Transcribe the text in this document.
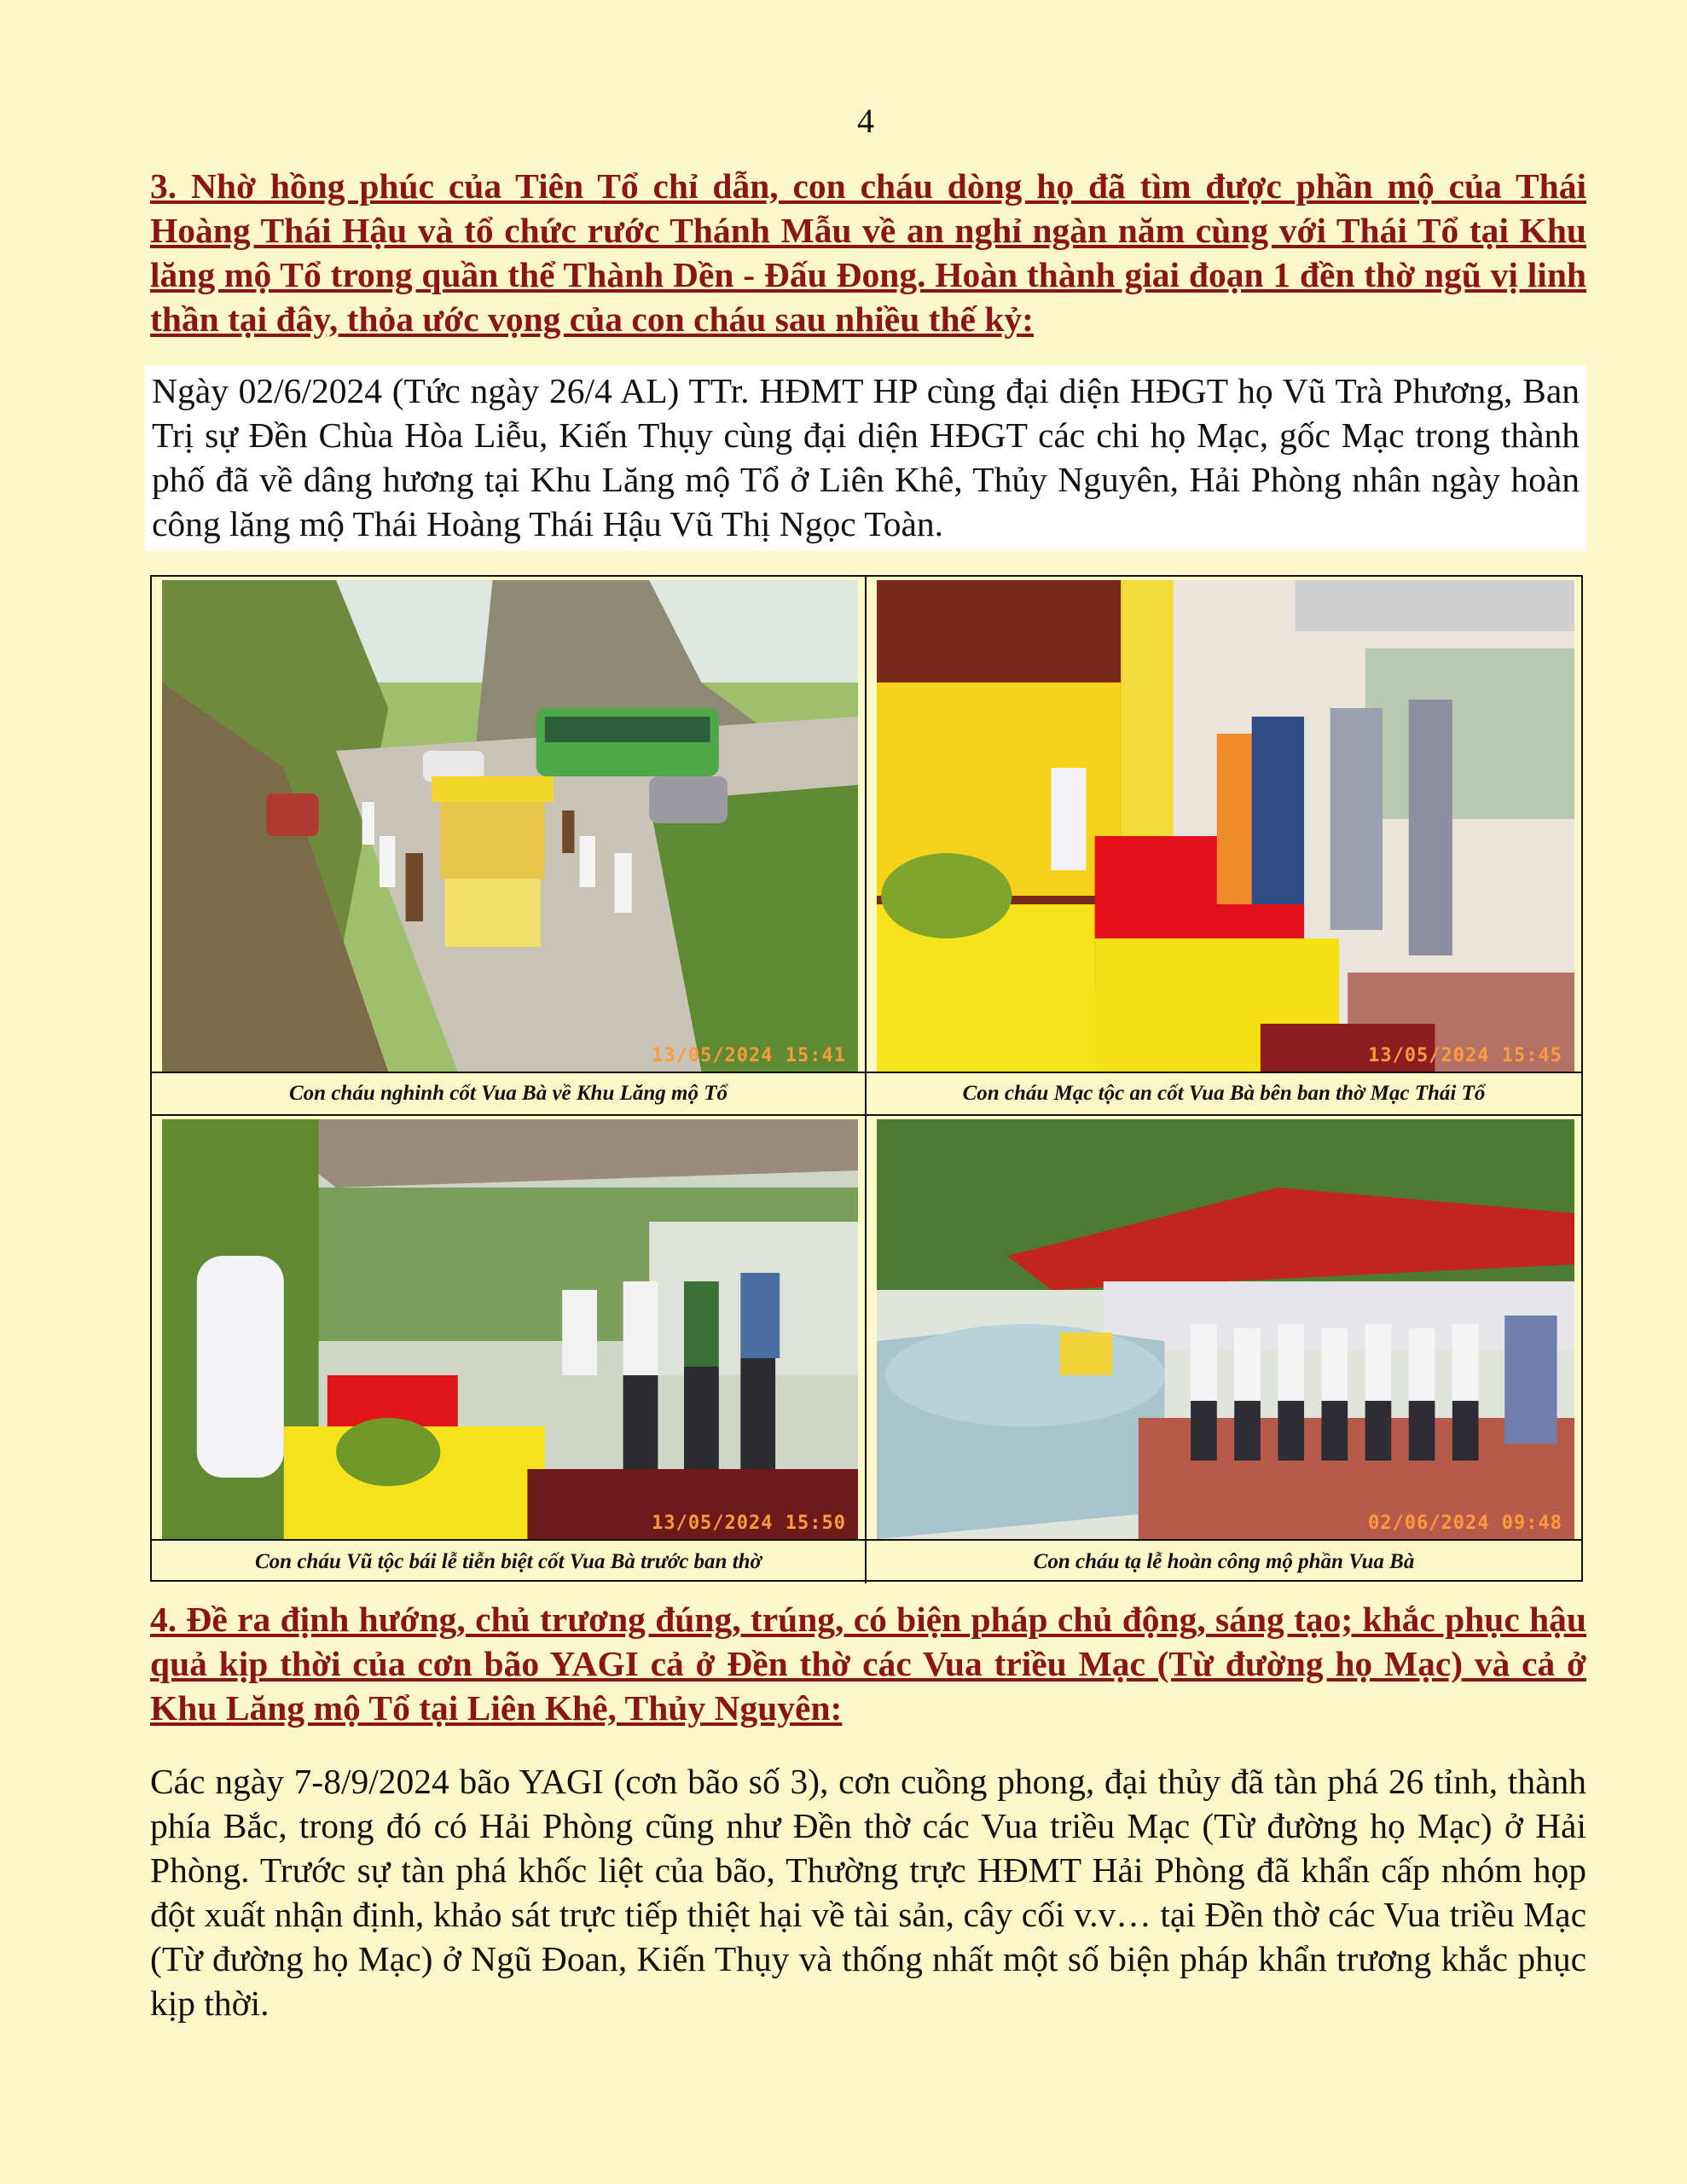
4

3. Nhờ hồng phúc của Tiên Tổ chỉ dẫn, con cháu dòng họ đã tìm được phần mộ của Thái Hoàng Thái Hậu và tổ chức rước Thánh Mẫu về an nghỉ ngàn năm cùng với Thái Tổ tại Khu lăng mộ Tổ trong quần thể Thành Dền - Đấu Đong. Hoàn thành giai đoạn 1 đền thờ ngũ vị linh thần tại đây, thỏa ước vọng của con cháu sau nhiều thế kỷ:

Ngày 02/6/2024 (Tức ngày 26/4 AL) TTr. HĐMT HP cùng đại diện HĐGT họ Vũ Trà Phương, Ban Trị sự Đền Chùa Hòa Liễu, Kiến Thụy cùng đại diện HĐGT các chi họ Mạc, gốc Mạc trong thành phố đã về dâng hương tại Khu Lăng mộ Tổ ở Liên Khê, Thủy Nguyên, Hải Phòng nhân ngày hoàn công lăng mộ Thái Hoàng Thái Hậu Vũ Thị Ngọc Toàn.

13/05/2024 15:41	13/05/2024 15:45
Con cháu nghinh cốt Vua Bà về Khu Lăng mộ Tổ	Con cháu Mạc tộc an cốt Vua Bà bên ban thờ Mạc Thái Tổ
13/05/2024 15:50	02/06/2024 09:48
Con cháu Vũ tộc bái lễ tiễn biệt cốt Vua Bà trước ban thờ	Con cháu tạ lễ hoàn công mộ phần Vua Bà

4. Đề ra định hướng, chủ trương đúng, trúng, có biện pháp chủ động, sáng tạo; khắc phục hậu quả kịp thời của cơn bão YAGI cả ở Đền thờ các Vua triều Mạc (Từ đường họ Mạc) và cả ở Khu Lăng mộ Tổ tại Liên Khê, Thủy Nguyên:

Các ngày 7-8/9/2024 bão YAGI (cơn bão số 3), cơn cuồng phong, đại thủy đã tàn phá 26 tỉnh, thành phía Bắc, trong đó có Hải Phòng cũng như Đền thờ các Vua triều Mạc (Từ đường họ Mạc) ở Hải Phòng. Trước sự tàn phá khốc liệt của bão, Thường trực HĐMT Hải Phòng đã khẩn cấp nhóm họp đột xuất nhận định, khảo sát trực tiếp thiệt hại về tài sản, cây cối v.v… tại Đền thờ các Vua triều Mạc (Từ đường họ Mạc) ở Ngũ Đoan, Kiến Thụy và thống nhất một số biện pháp khẩn trương khắc phục kịp thời.
